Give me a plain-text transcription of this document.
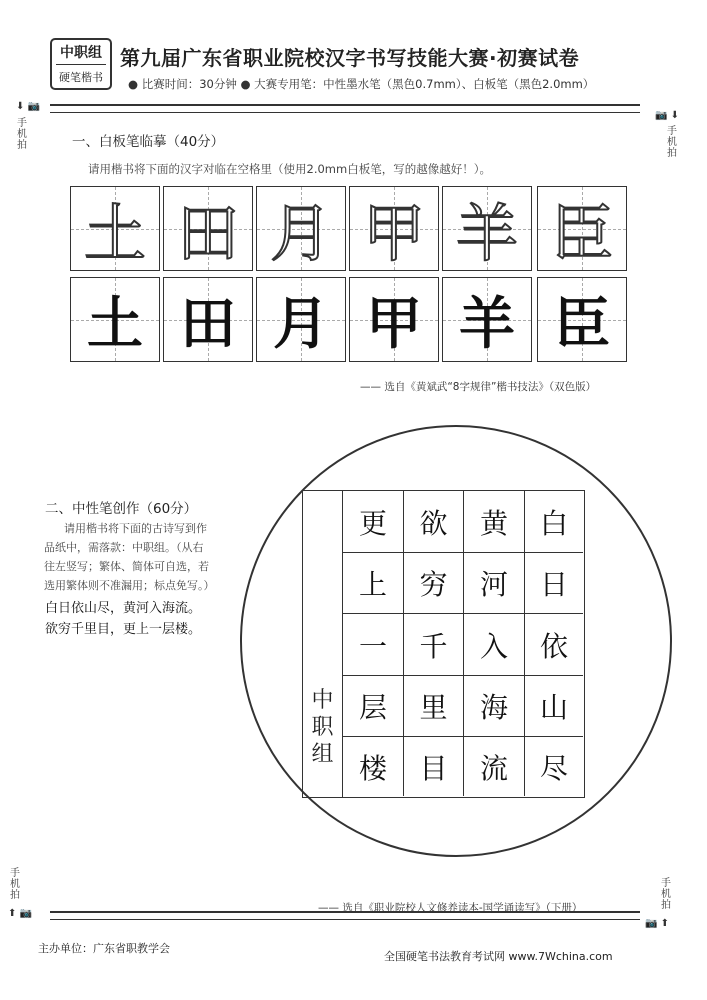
中职组
硬笔楷书
第九届广东省职业院校汉字书写技能大赛·初赛试卷
● 比赛时间：30分钟 ● 大赛专用笔：中性墨水笔（黑色0.7mm）、白板笔（黑色2.0mm）
⬇ 📷
📷 ⬇
手机拍
手机拍
一、白板笔临摹（40分）
请用楷书将下面的汉字对临在空格里（使用2.0mm白板笔，写的越像越好！）。
土 田 月 甲 羊 臣
土 田 月 甲 羊 臣
—— 选自《黄斌武“8字规律”楷书技法》（双色版）
二、中性笔创作（60分）
请用楷书将下面的古诗写到作
品纸中，需落款：中职组。（从右
往左竖写；繁体、简体可自选，若
选用繁体则不准漏用；标点免写。）
白日依山尽，黄河入海流。
欲穷千里目，更上一层楼。
中
职
组
更
上
一
层
楼
欲
穷
千
里
目
黄
河
入
海
流
白
日
依
山
尽
—— 选自《职业院校人文修养读本-国学诵读写》（下册）
手机拍
手机拍
⬆ 📷
📷 ⬆
主办单位：广东省职教学会
全国硬笔书法教育考试网 www.7Wchina.com
